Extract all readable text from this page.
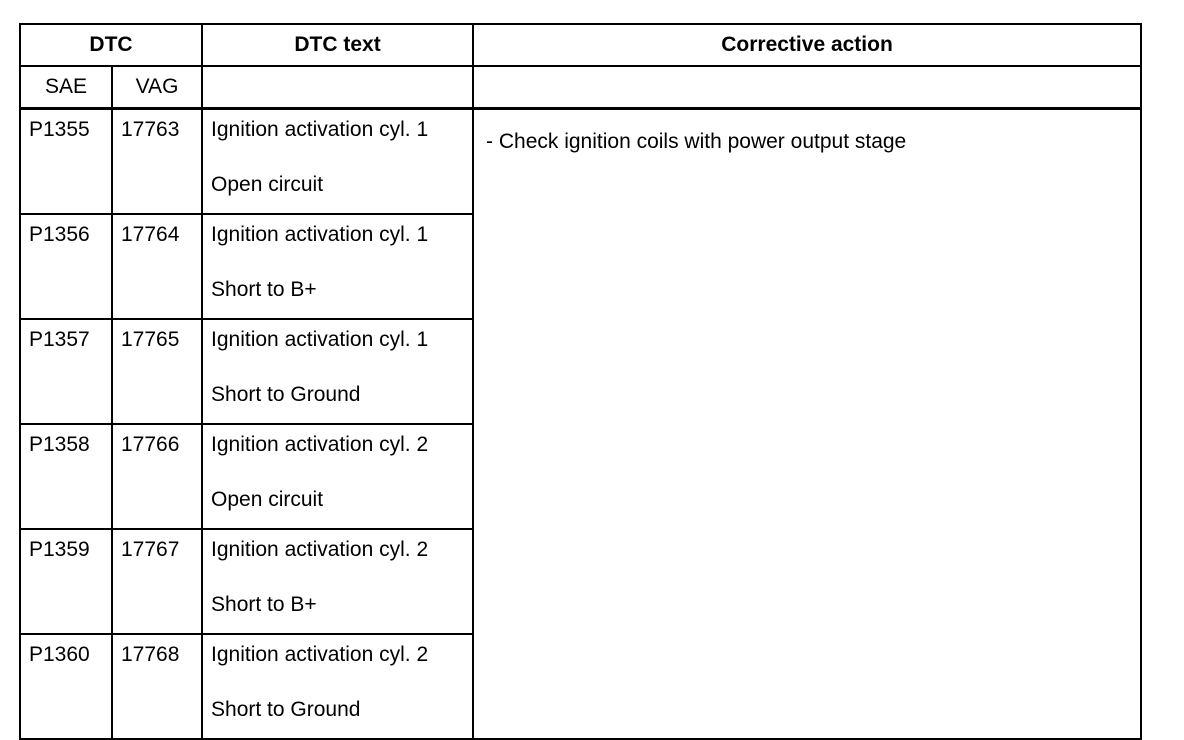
DTC		DTC text	Corrective action
SAE	VAG		
P1355	17763	Ignition activation cyl. 1
Open circuit	- Check ignition coils with power output stage
P1356	17764	Ignition activation cyl. 1
Short to B+	

P1357	17765	Ignition activation cyl. 1
Short to Ground	

P1358	17766	Ignition activation cyl. 2
Open circuit	

P1359	17767	Ignition activation cyl. 2
Short to B+	

P1360	17768	Ignition activation cyl. 2
Short to Ground	
